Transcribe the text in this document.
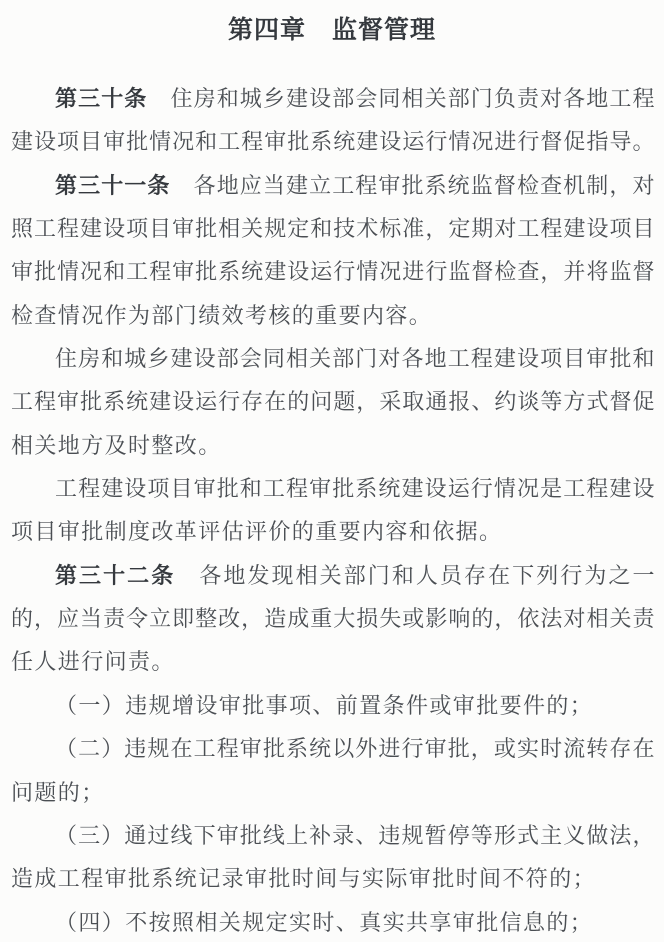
第四章　监督管理
第三十条　住房和城乡建设部会同相关部门负责对各地工程
建设项目审批情况和工程审批系统建设运行情况进行督促指导。
第三十一条　各地应当建立工程审批系统监督检查机制，对
照工程建设项目审批相关规定和技术标准，定期对工程建设项目
审批情况和工程审批系统建设运行情况进行监督检查，并将监督
检查情况作为部门绩效考核的重要内容。
住房和城乡建设部会同相关部门对各地工程建设项目审批和
工程审批系统建设运行存在的问题，采取通报、约谈等方式督促
相关地方及时整改。
工程建设项目审批和工程审批系统建设运行情况是工程建设
项目审批制度改革评估评价的重要内容和依据。
第三十二条　各地发现相关部门和人员存在下列行为之一
的，应当责令立即整改，造成重大损失或影响的，依法对相关责
任人进行问责。
（一）违规增设审批事项、前置条件或审批要件的；
（二）违规在工程审批系统以外进行审批，或实时流转存在
问题的；
（三）通过线下审批线上补录、违规暂停等形式主义做法，
造成工程审批系统记录审批时间与实际审批时间不符的；
（四）不按照相关规定实时、真实共享审批信息的；
